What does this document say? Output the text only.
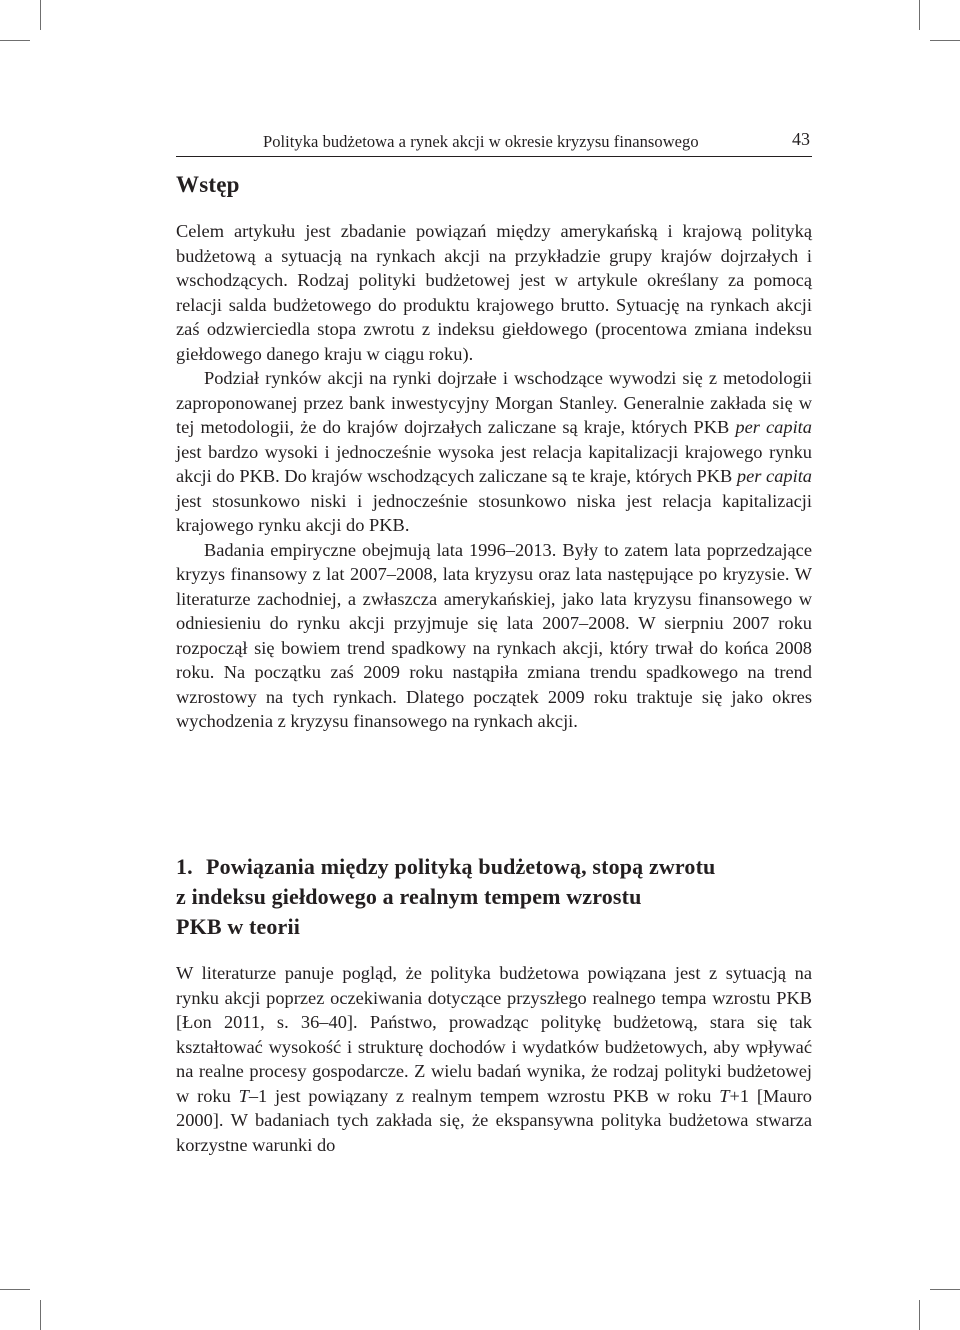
Polityka budżetowa a rynek akcji w okresie kryzysu finansowego	43
Wstęp

Celem artykułu jest zbadanie powiązań między amerykańską i krajową polityką budżetową a sytuacją na rynkach akcji na przykładzie grupy krajów dojrzałych i wschodzących. Rodzaj polityki budżetowej jest w artykule określany za pomocą relacji salda budżetowego do produktu krajowego brutto. Sytuację na rynkach akcji zaś odzwierciedla stopa zwrotu z indeksu giełdowego (procentowa zmiana indeksu giełdowego danego kraju w ciągu roku).

Podział rynków akcji na rynki dojrzałe i wschodzące wywodzi się z metodologii zaproponowanej przez bank inwestycyjny Morgan Stanley. Generalnie zakłada się w tej metodologii, że do krajów dojrzałych zaliczane są kraje, których PKB per capita jest bardzo wysoki i jednocześnie wysoka jest relacja kapitalizacji krajowego rynku akcji do PKB. Do krajów wschodzących zaliczane są te kraje, których PKB per capita jest stosunkowo niski i jednocześnie stosunkowo niska jest relacja kapitalizacji krajowego rynku akcji do PKB.

Badania empiryczne obejmują lata 1996–2013. Były to zatem lata poprzedzające kryzys finansowy z lat 2007–2008, lata kryzysu oraz lata następujące po kryzysie. W literaturze zachodniej, a zwłaszcza amerykańskiej, jako lata kryzysu finansowego w odniesieniu do rynku akcji przyjmuje się lata 2007–2008. W sierpniu 2007 roku rozpoczął się bowiem trend spadkowy na rynkach akcji, który trwał do końca 2008 roku. Na początku zaś 2009 roku nastąpiła zmiana trendu spadkowego na trend wzrostowy na tych rynkach. Dlatego początek 2009 roku traktuje się jako okres wychodzenia z kryzysu finansowego na rynkach akcji.

1. Powiązania między polityką budżetową, stopą zwrotu
z indeksu giełdowego a realnym tempem wzrostu
PKB w teorii

W literaturze panuje pogląd, że polityka budżetowa powiązana jest z sytuacją na rynku akcji poprzez oczekiwania dotyczące przyszłego realnego tempa wzrostu PKB [Łon 2011, s. 36–40]. Państwo, prowadząc politykę budżetową, stara się tak kształtować wysokość i strukturę dochodów i wydatków budżetowych, aby wpływać na realne procesy gospodarcze. Z wielu badań wynika, że rodzaj polityki budżetowej w roku T–1 jest powiązany z realnym tempem wzrostu PKB w roku T+1 [Mauro 2000]. W badaniach tych zakłada się, że ekspansywna polityka budżetowa stwarza korzystne warunki do
